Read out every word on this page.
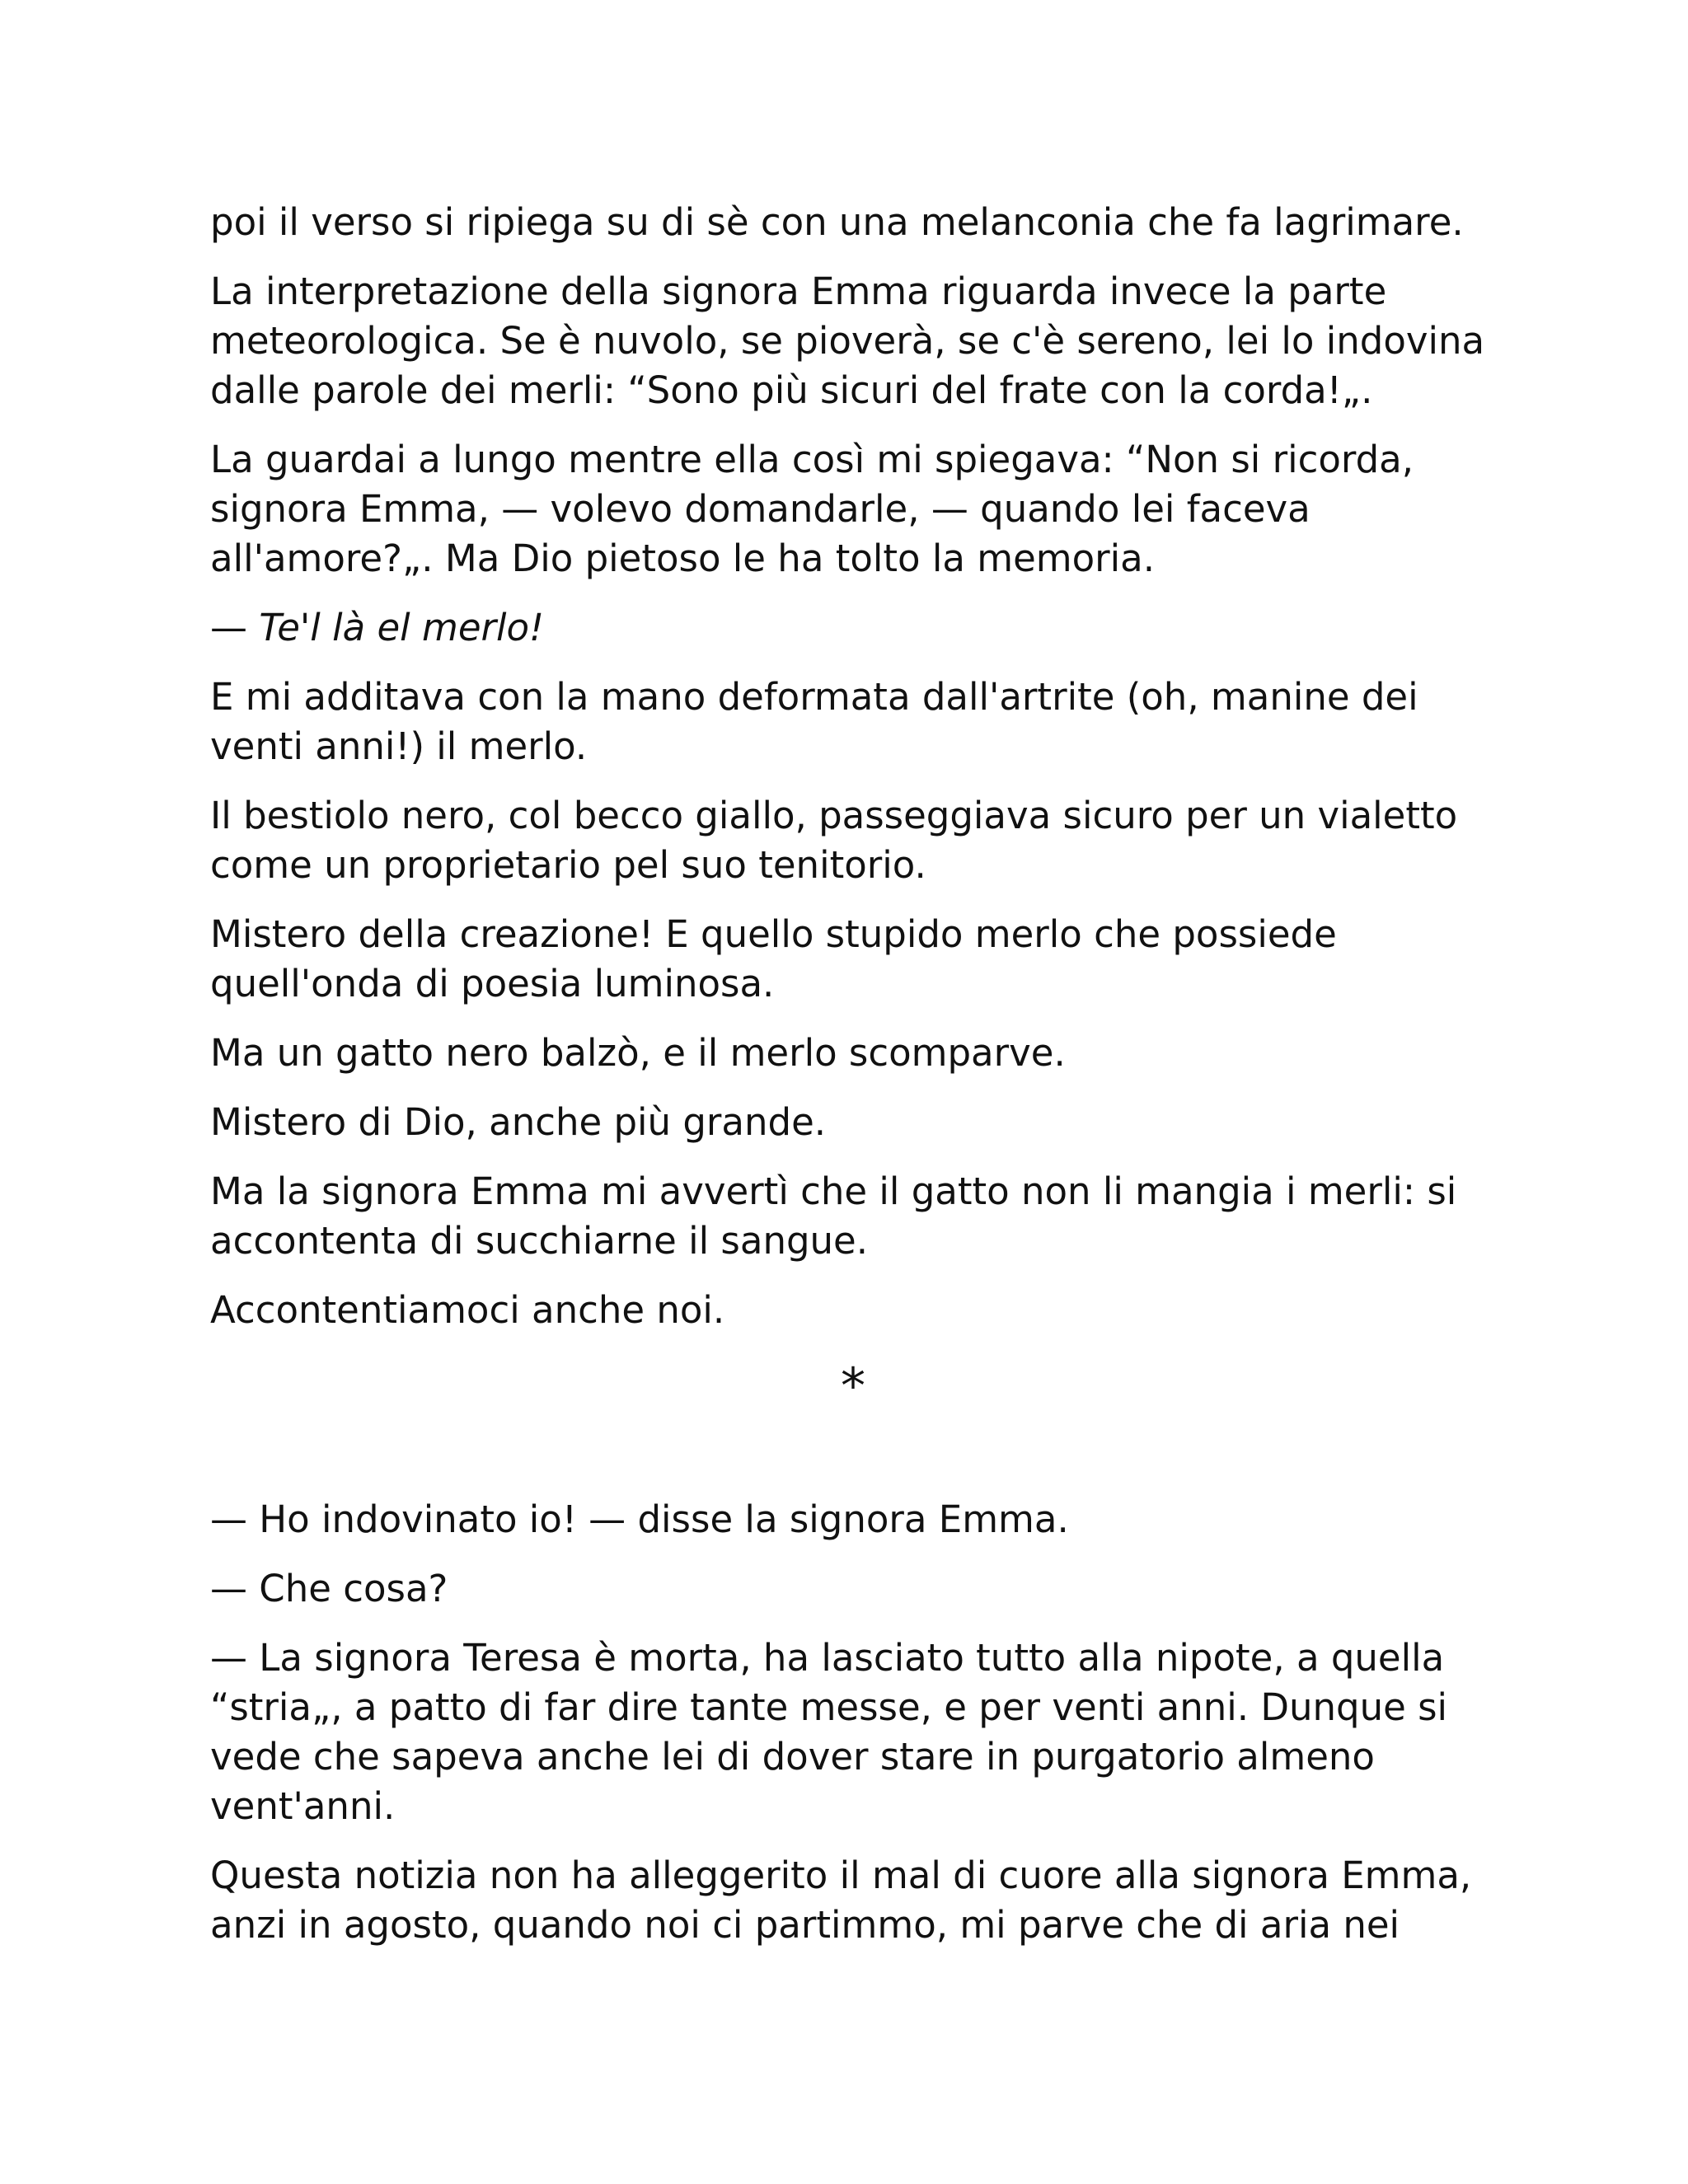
poi il verso si ripiega su di sè con una melanconia che fa lagrimare.

La interpretazione della signora Emma riguarda invece la parte
meteorologica. Se è nuvolo, se pioverà, se c'è sereno, lei lo indovina
dalle parole dei merli: “Sono più sicuri del frate con la corda!„.

La guardai a lungo mentre ella così mi spiegava: “Non si ricorda,
signora Emma, — volevo domandarle, — quando lei faceva
all'amore?„. Ma Dio pietoso le ha tolto la memoria.

— Te'l là el merlo!

E mi additava con la mano deformata dall'artrite (oh, manine dei
venti anni!) il merlo.

Il bestiolo nero, col becco giallo, passeggiava sicuro per un vialetto
come un proprietario pel suo tenitorio.

Mistero della creazione! E quello stupido merlo che possiede
quell'onda di poesia luminosa.

Ma un gatto nero balzò, e il merlo scomparve.

Mistero di Dio, anche più grande.

Ma la signora Emma mi avvertì che il gatto non li mangia i merli: si
accontenta di succhiarne il sangue.

Accontentiamoci anche noi.

*

— Ho indovinato io! — disse la signora Emma.

— Che cosa?

— La signora Teresa è morta, ha lasciato tutto alla nipote, a quella
“stria„, a patto di far dire tante messe, e per venti anni. Dunque si
vede che sapeva anche lei di dover stare in purgatorio almeno
vent'anni.

Questa notizia non ha alleggerito il mal di cuore alla signora Emma,
anzi in agosto, quando noi ci partimmo, mi parve che di aria nei
